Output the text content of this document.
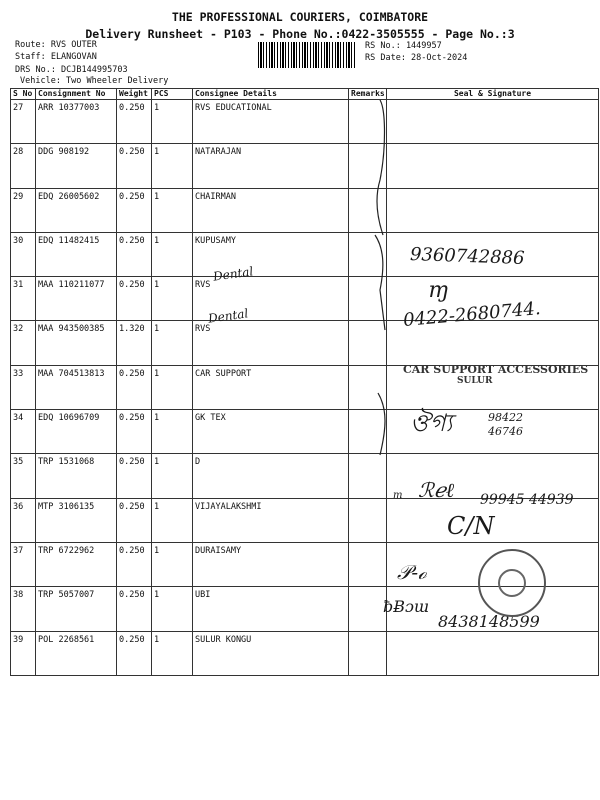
THE PROFESSIONAL COURIERS, COIMBATORE
Delivery Runsheet - P103 - Phone No.:0422-3505555 - Page No.:3
Route: RVS OUTER
Staff: ELANGOVAN
DRS No.: DCJB144995703
Vehicle: Two Wheeler Delivery
RS No.: 1449957
RS Date: 28-Oct-2024
S No	Consignment No	Weight	PCS	Consignee Details	Remarks	Seal & Signature
27	ARR 10377003	0.250	1	RVS EDUCATIONAL		
28	DDG 908192	0.250	1	NATARAJAN		
29	EDQ 26005602	0.250	1	CHAIRMAN		
30	EDQ 11482415	0.250	1	KUPUSAMY		
31	MAA 110211077	0.250	1	RVS		
32	MAA 943500385	1.320	1	RVS		
33	MAA 704513813	0.250	1	CAR SUPPORT		
34	EDQ 10696709	0.250	1	GK TEX		
35	TRP 1531068	0.250	1	D		
36	MTP 3106135	0.250	1	VIJAYALAKSHMI		
37	TRP 6722962	0.250	1	DURAISAMY		
38	TRP 5057007	0.250	1	UBI		
39	POL 2268561	0.250	1	SULUR KONGU		
Dental
Dental
9360742886
ɱ
0422-2680744.
ঔগ্য	98422 46746
m ℛℯℓ 99945 44939
C/N
𝒫-ℴ
ƀɃɔɯ
8438148599
CAR SUPPORT ACCESSORIES
SULUR
